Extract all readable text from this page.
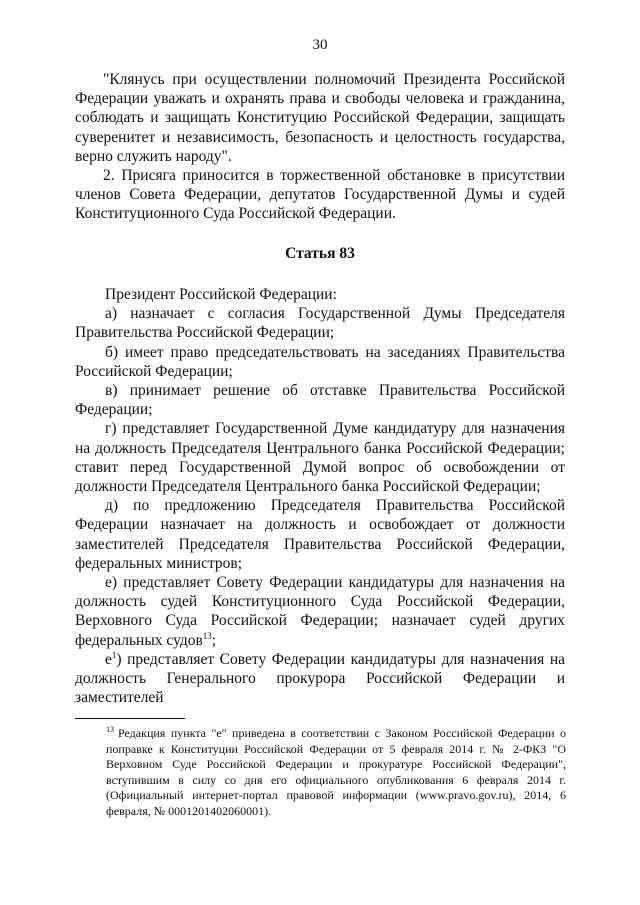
30

"Клянусь при осуществлении полномочий Президента Российской Федерации уважать и охранять права и свободы человека и гражданина, соблюдать и защищать Конституцию Российской Федерации, защищать суверенитет и независимость, безопасность и целостность государства, верно служить народу".

2. Присяга приносится в торжественной обстановке в присутствии членов Совета Федерации, депутатов Государственной Думы и судей Конституционного Суда Российской Федерации.

Статья 83

Президент Российской Федерации:

а) назначает с согласия Государственной Думы Председателя Правительства Российской Федерации;

б) имеет право председательствовать на заседаниях Правительства Российской Федерации;

в) принимает решение об отставке Правительства Российской Федерации;

г) представляет Государственной Думе кандидатуру для назначения на должность Председателя Центрального банка Российской Федерации; ставит перед Государственной Думой вопрос об освобождении от должности Председателя Центрального банка Российской Федерации;

д) по предложению Председателя Правительства Российской Федерации назначает на должность и освобождает от должности заместителей Председателя Правительства Российской Федерации, федеральных министров;

е) представляет Совету Федерации кандидатуры для назначения на должность судей Конституционного Суда Российской Федерации, Верховного Суда Российской Федерации; назначает судей других федеральных судов$^{13}$;

$е^1$) представляет Совету Федерации кандидатуры для назначения на должность Генерального прокурора Российской Федерации и заместителей

$^{13}$ Редакция пункта "е" приведена в соответствии с Законом Российской Федерации о поправке к Конституции Российской Федерации от 5 февраля 2014 г. № 2-ФКЗ "О Верховном Суде Российской Федерации и прокуратуре Российской Федерации", вступившим в силу со дня его официального опубликования 6 февраля 2014 г. (Официальный интернет-портал правовой информации (www.pravo.gov.ru), 2014, 6 февраля, № 0001201402060001).
